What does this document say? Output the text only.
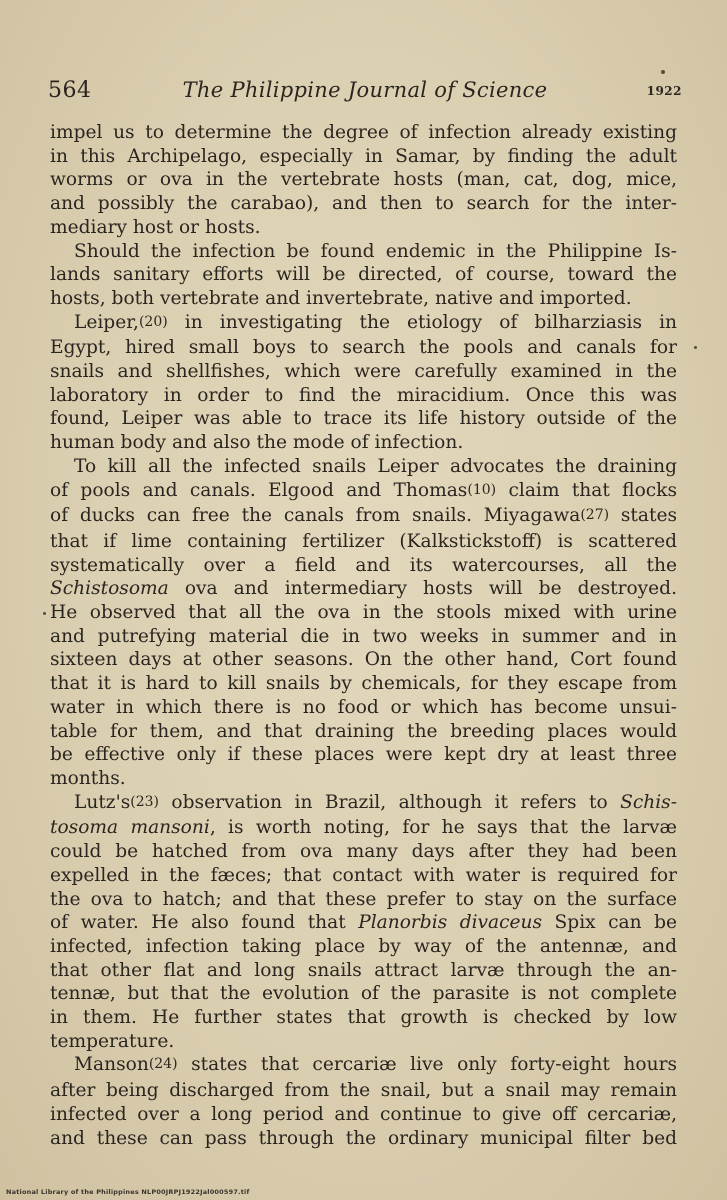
564	The Philippine Journal of Science	1922
impel us to determine the degree of infection already existing
in this Archipelago, especially in Samar, by finding the adult
worms or ova in the vertebrate hosts (man, cat, dog, mice,
and possibly the carabao), and then to search for the inter-
mediary host or hosts.
Should the infection be found endemic in the Philippine Is-
lands sanitary efforts will be directed, of course, toward the
hosts, both vertebrate and invertebrate, native and imported.
Leiper,(20) in investigating the etiology of bilharziasis in
Egypt, hired small boys to search the pools and canals for
snails and shellfishes, which were carefully examined in the
laboratory in order to find the miracidium. Once this was
found, Leiper was able to trace its life history outside of the
human body and also the mode of infection.
To kill all the infected snails Leiper advocates the draining
of pools and canals. Elgood and Thomas(10) claim that flocks
of ducks can free the canals from snails. Miyagawa(27) states
that if lime containing fertilizer (Kalkstickstoff) is scattered
systematically over a field and its watercourses, all the
Schistosoma ova and intermediary hosts will be destroyed.
He observed that all the ova in the stools mixed with urine
and putrefying material die in two weeks in summer and in
sixteen days at other seasons. On the other hand, Cort found
that it is hard to kill snails by chemicals, for they escape from
water in which there is no food or which has become unsui-
table for them, and that draining the breeding places would
be effective only if these places were kept dry at least three
months.
Lutz's(23) observation in Brazil, although it refers to Schis-
tosoma mansoni, is worth noting, for he says that the larvæ
could be hatched from ova many days after they had been
expelled in the fæces; that contact with water is required for
the ova to hatch; and that these prefer to stay on the surface
of water. He also found that Planorbis divaceus Spix can be
infected, infection taking place by way of the antennæ, and
that other flat and long snails attract larvæ through the an-
tennæ, but that the evolution of the parasite is not complete
in them. He further states that growth is checked by low
temperature.
Manson(24) states that cercariæ live only forty-eight hours
after being discharged from the snail, but a snail may remain
infected over a long period and continue to give off cercariæ,
and these can pass through the ordinary municipal filter bed
National Library of the Philippines NLP00JRPJ1922Jal000597.tif
